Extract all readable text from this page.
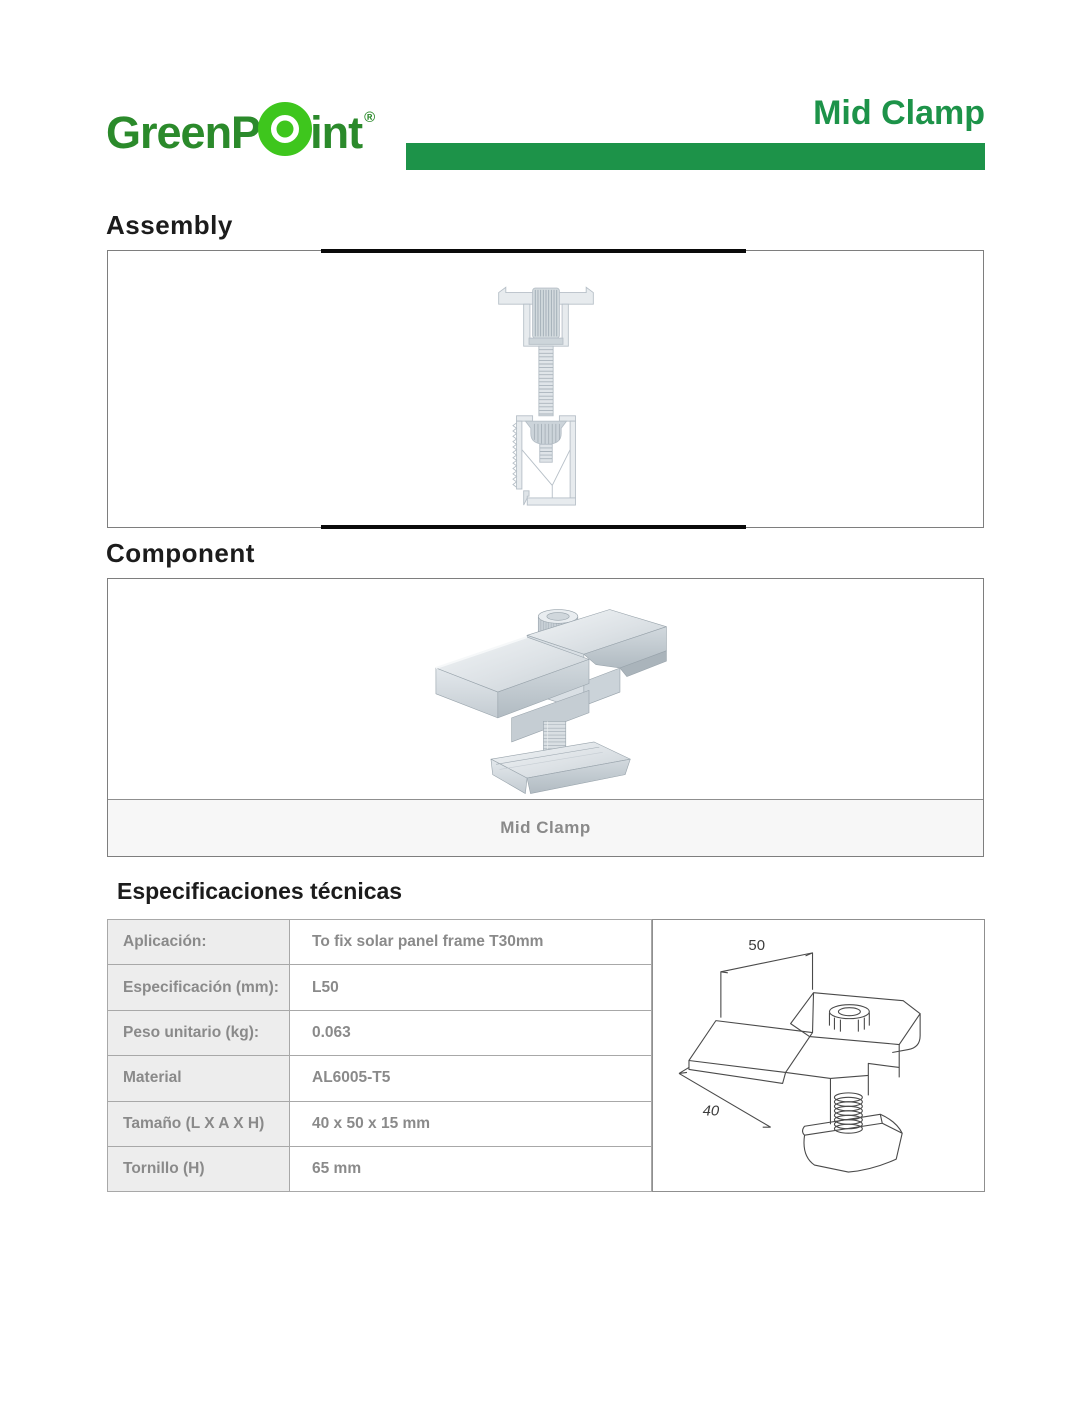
GreenP int ®	Mid Clamp
Assembly
Component
Mid Clamp
Especificaciones técnicas
Aplicación:	To fix solar panel frame T30mm
Especificación (mm):	L50
Peso unitario (kg):	0.063
Material	AL6005-T5
Tamaño (L X A X H)	40 x 50 x 15 mm
Tornillo (H)	65 mm
50
40
